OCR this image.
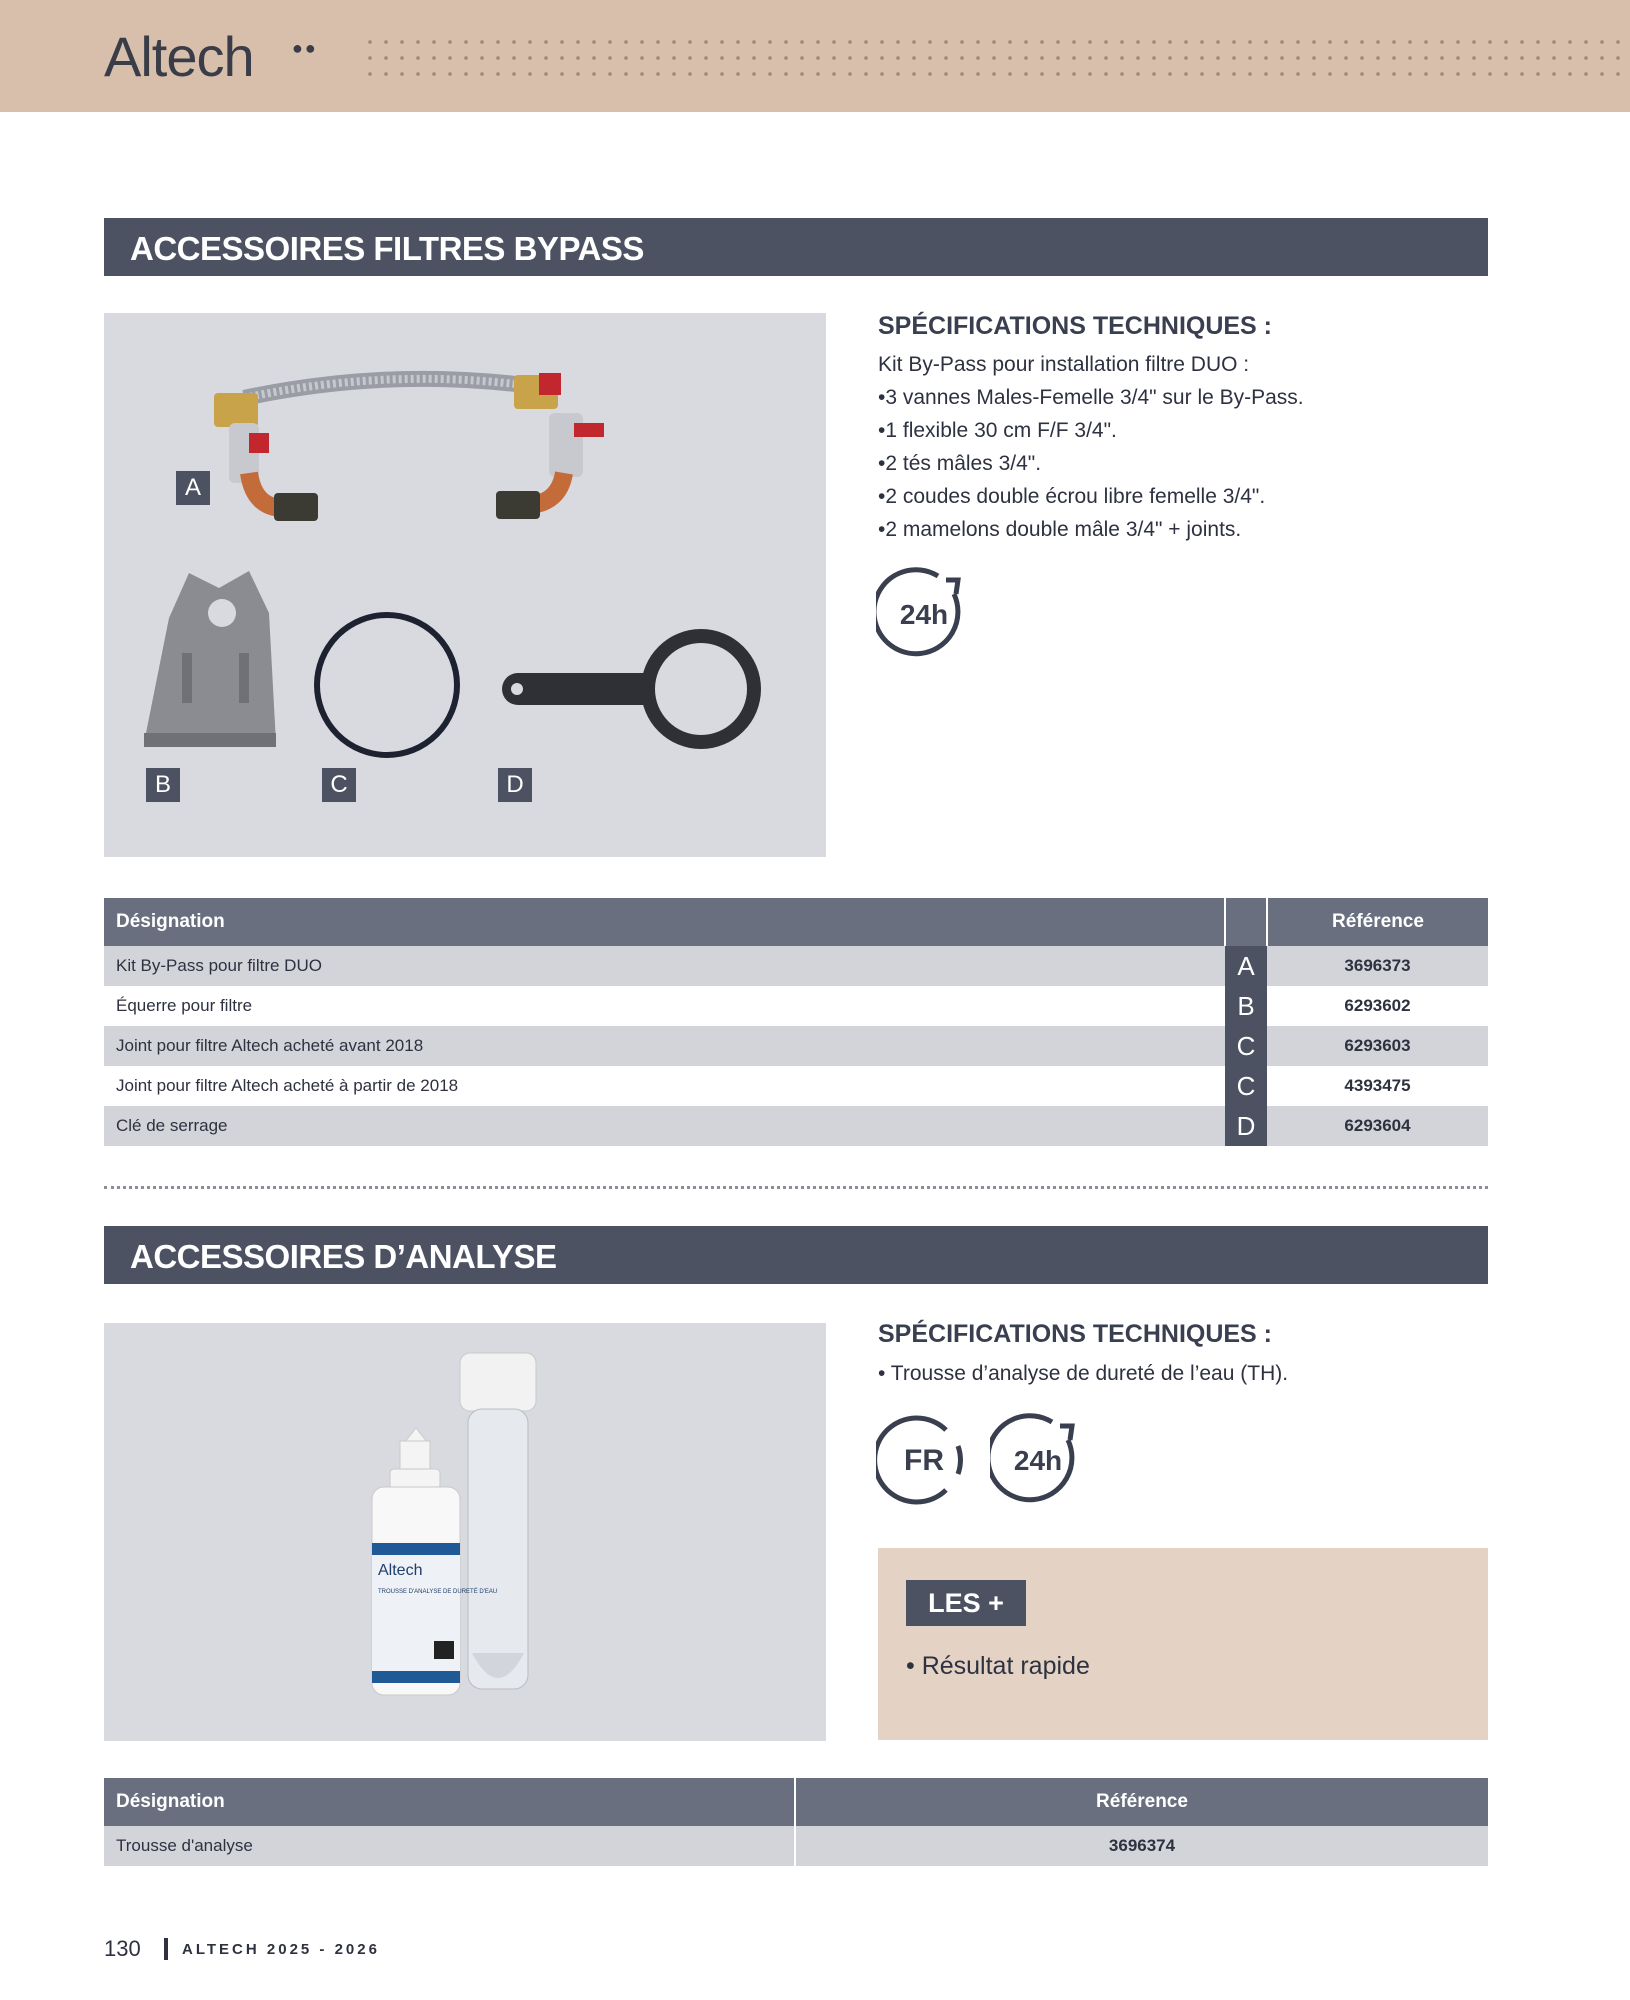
Altech ●●
ACCESSOIRES FILTRES BYPASS
A
B	C	D
SPÉCIFICATIONS TECHNIQUES :
Kit By-Pass pour installation filtre DUO :
•3 vannes Males-Femelle 3/4" sur le By-Pass.
•1 flexible 30 cm F/F 3/4".
•2 tés mâles 3/4".
•2 coudes double écrou libre femelle 3/4".
•2 mamelons double mâle 3/4" + joints.
24h
Désignation		Référence
Kit By-Pass pour filtre DUO	A	3696373
Équerre pour filtre	B	6293602
Joint pour filtre Altech acheté avant 2018	C	6293603
Joint pour filtre Altech acheté à partir de 2018	C	4393475
Clé de serrage	D	6293604
ACCESSOIRES D’ANALYSE
Altech
TROUSSE D'ANALYSE DE DURETÉ D'EAU
SPÉCIFICATIONS TECHNIQUES :
• Trousse d’analyse de dureté de l’eau (TH).
FR 24h
LES +
• Résultat rapide
Désignation	Référence
Trousse d'analyse	3696374
130	ALTECH 2025 - 2026
